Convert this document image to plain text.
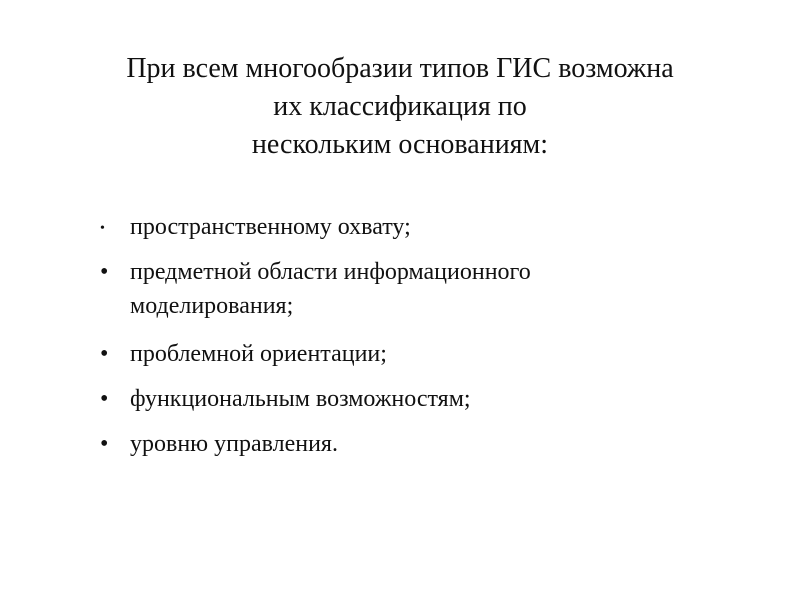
При всем многообразии типов ГИС возможна
их классификация по
нескольким основаниям:
•	пространственному охвату;
• предметной области информационного
моделирования;
• проблемной ориентации;
• функциональным возможностям;
• уровню управления.
